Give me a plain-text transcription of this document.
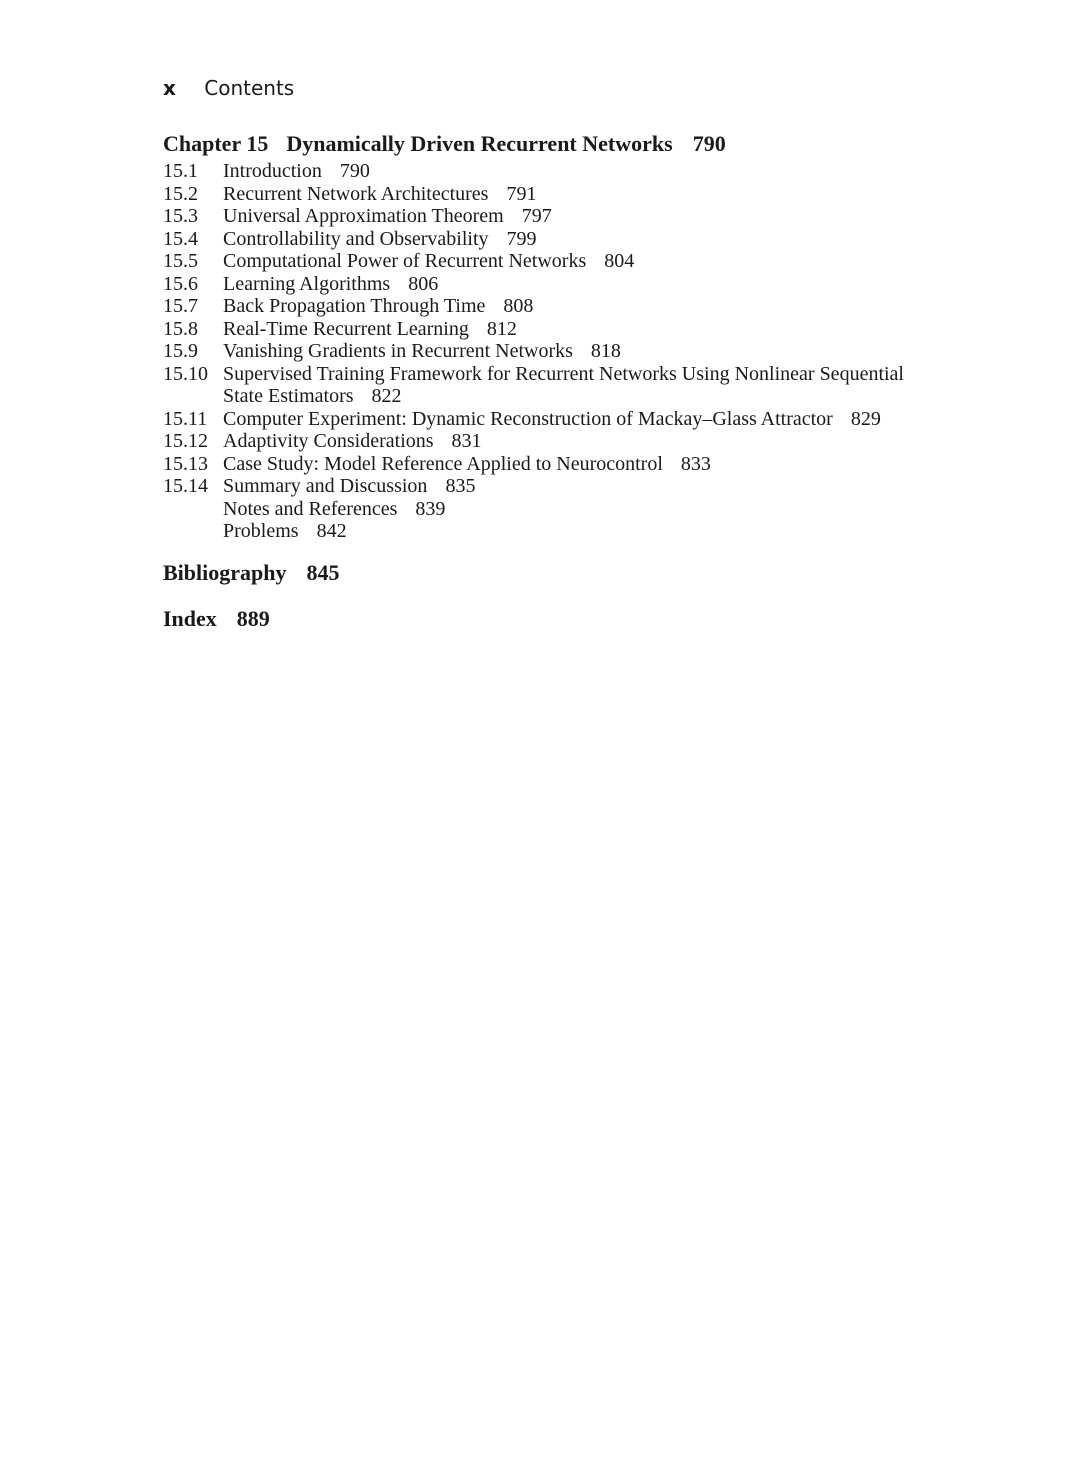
x Contents
Chapter 15 Dynamically Driven Recurrent Networks 790
15.1	Introduction 790
15.2	Recurrent Network Architectures 791
15.3	Universal Approximation Theorem 797
15.4	Controllability and Observability 799
15.5	Computational Power of Recurrent Networks 804
15.6	Learning Algorithms 806
15.7	Back Propagation Through Time 808
15.8	Real-Time Recurrent Learning 812
15.9	Vanishing Gradients in Recurrent Networks 818
15.10 Supervised Training Framework for Recurrent Networks Using Nonlinear Sequential
State Estimators 822
15.11 Computer Experiment: Dynamic Reconstruction of Mackay–Glass Attractor 829
15.12 Adaptivity Considerations 831
15.13 Case Study: Model Reference Applied to Neurocontrol 833
15.14 Summary and Discussion 835
Notes and References 839
Problems 842
Bibliography 845
Index 889
